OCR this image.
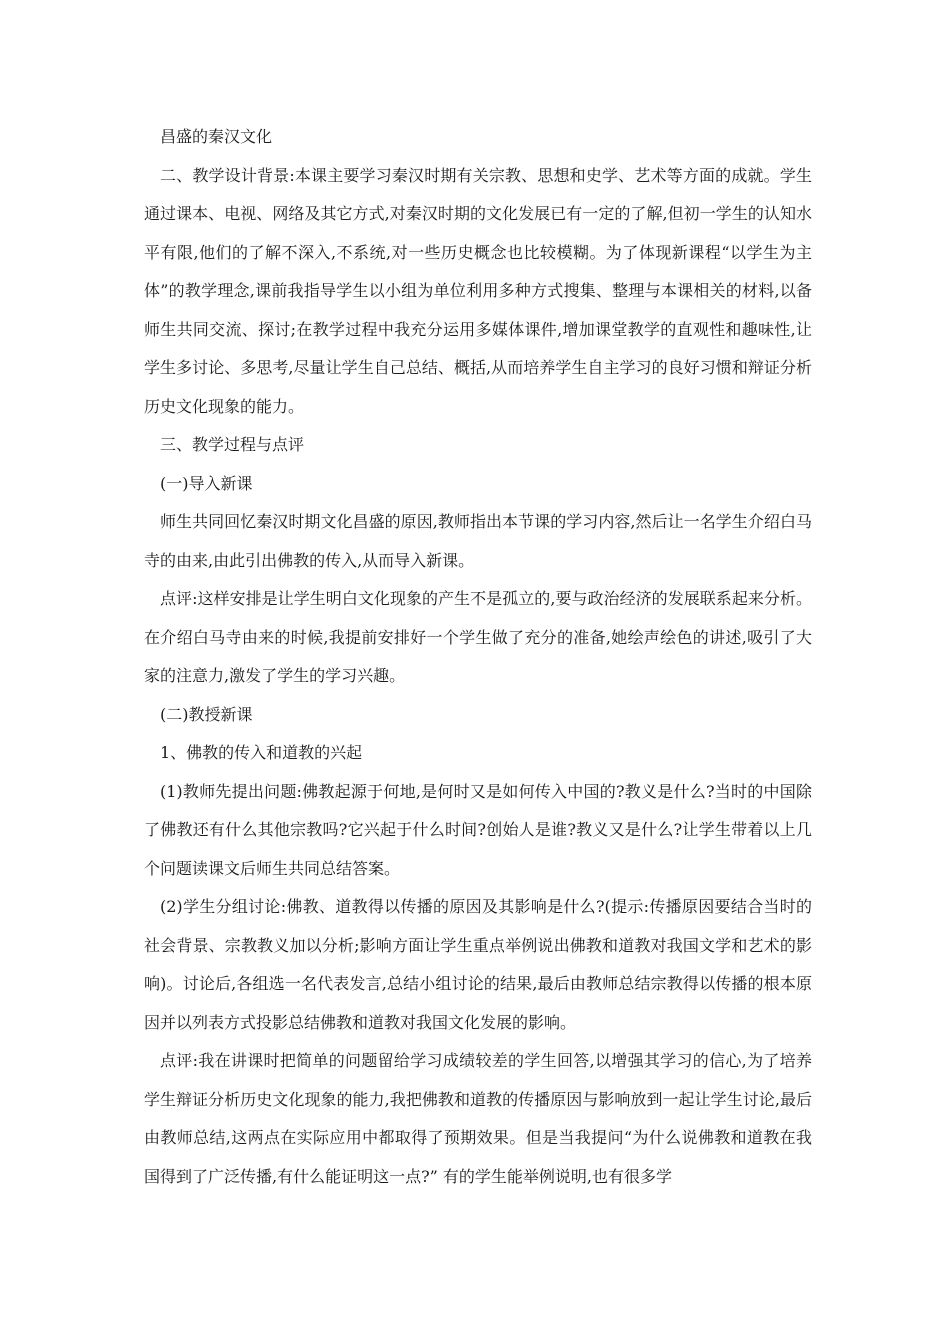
昌盛的秦汉文化

二、教学设计背景:本课主要学习秦汉时期有关宗教、思想和史学、艺术等方面的成就。学生通过课本、电视、网络及其它方式,对秦汉时期的文化发展已有一定的了解,但初一学生的认知水平有限,他们的了解不深入,不系统,对一些历史概念也比较模糊。为了体现新课程“以学生为主体”的教学理念,课前我指导学生以小组为单位利用多种方式搜集、整理与本课相关的材料,以备师生共同交流、探讨;在教学过程中我充分运用多媒体课件,增加课堂教学的直观性和趣味性,让学生多讨论、多思考,尽量让学生自己总结、概括,从而培养学生自主学习的良好习惯和辩证分析历史文化现象的能力。

三、教学过程与点评

(一)导入新课

师生共同回忆秦汉时期文化昌盛的原因,教师指出本节课的学习内容,然后让一名学生介绍白马寺的由来,由此引出佛教的传入,从而导入新课。

点评:这样安排是让学生明白文化现象的产生不是孤立的,要与政治经济的发展联系起来分析。在介绍白马寺由来的时候,我提前安排好一个学生做了充分的准备,她绘声绘色的讲述,吸引了大家的注意力,激发了学生的学习兴趣。

(二)教授新课

1、佛教的传入和道教的兴起

(1)教师先提出问题:佛教起源于何地,是何时又是如何传入中国的?教义是什么?当时的中国除了佛教还有什么其他宗教吗?它兴起于什么时间?创始人是谁?教义又是什么?让学生带着以上几个问题读课文后师生共同总结答案。

(2)学生分组讨论:佛教、道教得以传播的原因及其影响是什么?(提示:传播原因要结合当时的社会背景、宗教教义加以分析;影响方面让学生重点举例说出佛教和道教对我国文学和艺术的影响)。讨论后,各组选一名代表发言,总结小组讨论的结果,最后由教师总结宗教得以传播的根本原因并以列表方式投影总结佛教和道教对我国文化发展的影响。

点评:我在讲课时把简单的问题留给学习成绩较差的学生回答,以增强其学习的信心,为了培养学生辩证分析历史文化现象的能力,我把佛教和道教的传播原因与影响放到一起让学生讨论,最后由教师总结,这两点在实际应用中都取得了预期效果。但是当我提问“为什么说佛教和道教在我国得到了广泛传播,有什么能证明这一点?” 有的学生能举例说明,也有很多学
